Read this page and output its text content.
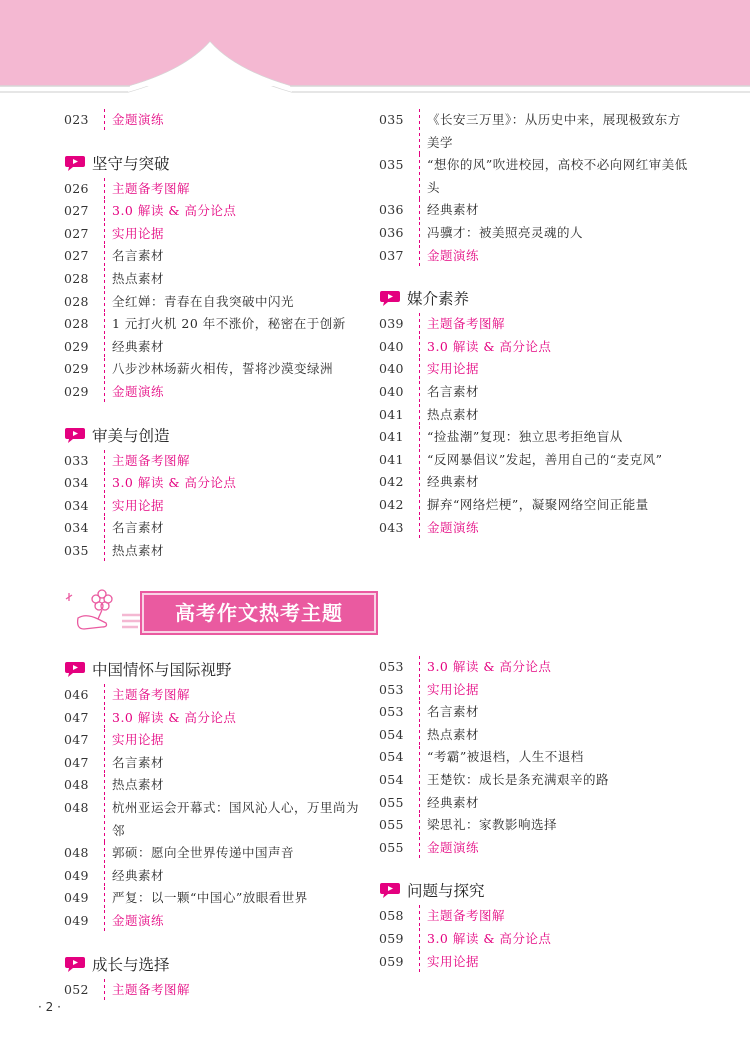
023	金题演练
坚守与突破
026	主题备考图解
027	3.0 解读 & 高分论点
027	实用论据
027	名言素材
028	热点素材
028	全红婵：青春在自我突破中闪光
028	1 元打火机 20 年不涨价，秘密在于创新
029	经典素材
029	八步沙林场薪火相传，誓将沙漠变绿洲
029	金题演练
审美与创造
033	主题备考图解
034	3.0 解读 & 高分论点
034	实用论据
034	名言素材
035	热点素材
035	《长安三万里》：从历史中来，展现极致东方美学
035	“想你的风”吹进校园，高校不必向网红审美低头
036	经典素材
036	冯骥才：被美照亮灵魂的人
037	金题演练
媒介素养
039	主题备考图解
040	3.0 解读 & 高分论点
040	实用论据
040	名言素材
041	热点素材
041	“捡盐潮”复现：独立思考拒绝盲从
041	“反网暴倡议”发起，善用自己的“麦克风”
042	经典素材
042	摒弃“网络烂梗”，凝聚网络空间正能量
043	金题演练
高考作文热考主题
中国情怀与国际视野
046	主题备考图解
047	3.0 解读 & 高分论点
047	实用论据
047	名言素材
048	热点素材
048	杭州亚运会开幕式：国风沁人心，万里尚为邻
048	郭硕：愿向全世界传递中国声音
049	经典素材
049	严复：以一颗“中国心”放眼看世界
049	金题演练
成长与选择
052	主题备考图解
053	3.0 解读 & 高分论点
053	实用论据
053	名言素材
054	热点素材
054	“考霸”被退档，人生不退档
054	王楚钦：成长是条充满艰辛的路
055	经典素材
055	梁思礼：家教影响选择
055	金题演练
问题与探究
058	主题备考图解
059	3.0 解读 & 高分论点
059	实用论据
· 2 ·
